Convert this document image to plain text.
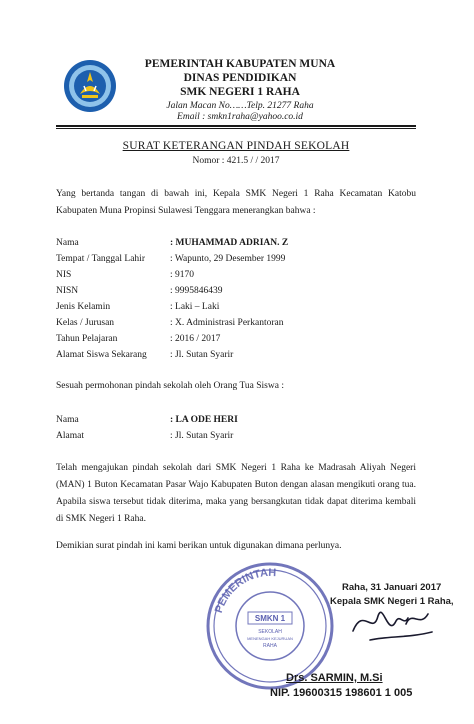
PEMERINTAH KABUPATEN MUNA
DINAS PENDIDIKAN
SMK NEGERI 1 RAHA
Jalan Macan No……Telp. 21277 Raha
Email : smkn1raha@yahoo.co.id
SURAT KETERANGAN PINDAH SEKOLAH
Nomor : 421.5 / / 2017
Yang bertanda tangan di bawah ini, Kepala SMK Negeri 1 Raha Kecamatan Katobu Kabupaten Muna Propinsi Sulawesi Tenggara menerangkan bahwa :
Nama	: MUHAMMAD ADRIAN. Z
Tempat / Tanggal Lahir	: Wapunto, 29 Desember 1999
NIS	: 9170
NISN	: 9995846439
Jenis Kelamin	: Laki – Laki
Kelas / Jurusan	: X. Administrasi Perkantoran
Tahun Pelajaran	: 2016 / 2017
Alamat Siswa Sekarang : Jl. Sutan Syarir
Sesuah permohonan pindah sekolah oleh Orang Tua Siswa :
Nama	: LA ODE HERI
Alamat	: Jl. Sutan Syarir
Telah mengajukan pindah sekolah dari SMK Negeri 1 Raha ke Madrasah Aliyah Negeri (MAN) 1 Buton Kecamatan Pasar Wajo Kabupaten Buton dengan alasan mengikuti orang tua. Apabila siswa tersebut tidak diterima, maka yang bersangkutan tidak dapat diterima kembali di SMK Negeri 1 Raha.
Demikian surat pindah ini kami berikan untuk digunakan dimana perlunya.
PEMERINTAH
SMKN 1
SEKOLAH
MENENGAH KEJURUAN
RAHA
Raha, 31 Januari 2017
Kepala SMK Negeri 1 Raha,
Drs. SARMIN, M.Si
NIP. 19600315 198601 1 005
